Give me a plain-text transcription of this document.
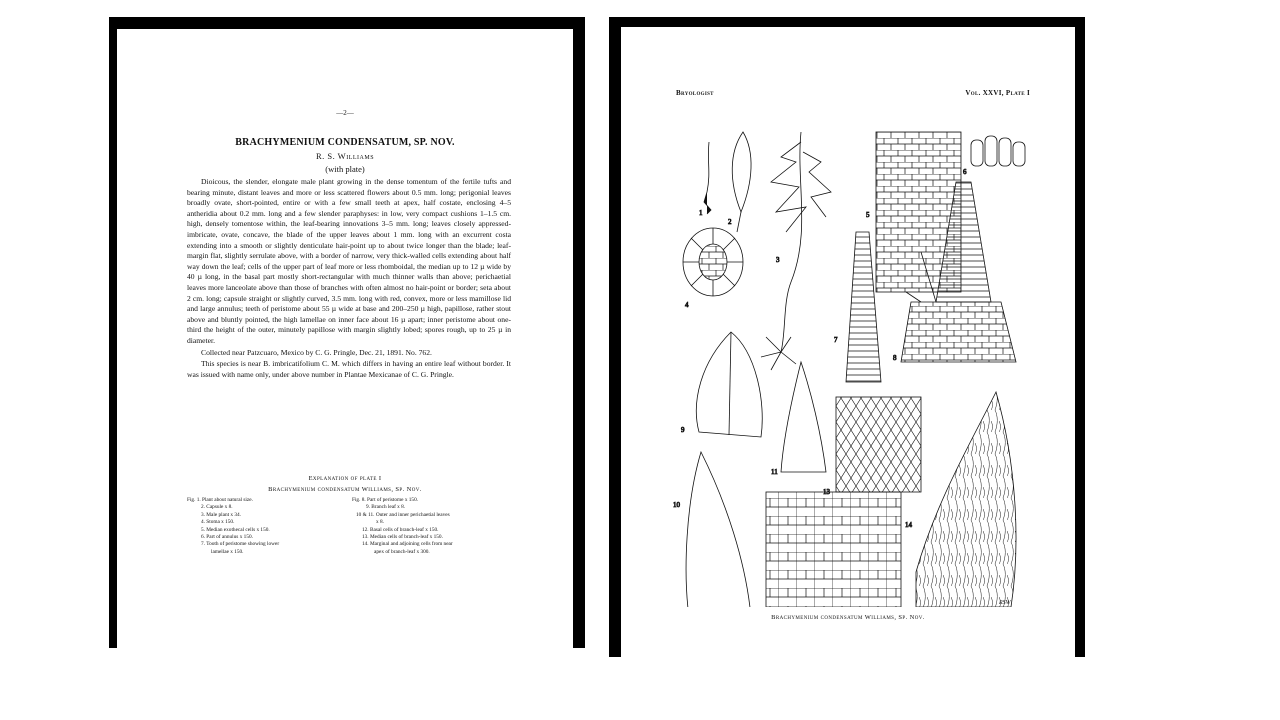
—2—
BRACHYMENIUM CONDENSATUM, SP. NOV.
R. S. Williams
(with plate)

Dioicous, the slender, elongate male plant growing in the dense tomentum of the fertile tufts and bearing minute, distant leaves and more or less scattered flowers about 0.5 mm. long; perigonial leaves broadly ovate, short-pointed, entire or with a few small teeth at apex, half costate, enclosing 4–5 antheridia about 0.2 mm. long and a few slender paraphyses: in low, very compact cushions 1–1.5 cm. high, densely tomentose within, the leaf-bearing innovations 3–5 mm. long; leaves closely appressed-imbricate, ovate, concave, the blade of the upper leaves about 1 mm. long with an excurrent costa extending into a smooth or slightly denticulate hair-point up to about twice longer than the blade; leaf-margin flat, slightly serrulate above, with a border of narrow, very thick-walled cells extending about half way down the leaf; cells of the upper part of leaf more or less rhomboidal, the median up to 12 µ wide by 40 µ long, in the basal part mostly short-rectangular with much thinner walls than above; perichaetial leaves more lanceolate above than those of branches with often almost no hair-point or border; seta about 2 cm. long; capsule straight or slightly curved, 3.5 mm. long with red, convex, more or less mamillose lid and large annulus; teeth of peristome about 55 µ wide at base and 200–250 µ high, papillose, rather stout above and bluntly pointed, the high lamellae on inner face about 16 µ apart; inner peristome about one-third the height of the outer, minutely papillose with margin slightly lobed; spores rough, up to 25 µ in diameter.

Collected near Patzcuaro, Mexico by C. G. Pringle, Dec. 21, 1891. No. 762.

This species is near B. imbricatifolium C. M. which differs in having an entire leaf without border. It was issued with name only, under above number in Plantae Mexicanae of C. G. Pringle.

Explanation of plate I
Brachymenium condensatum Williams, Sp. Nov.
Fig. 1. Plant about natural size.
2. Capsule x 8.
3. Male plant x 34.
4. Stoma x 150.
5. Median exothecal cells x 150.
6. Part of annulus x 150.
7. Tooth of peristome showing lower
lamellae x 150.
Fig. 8. Part of peristome x 150.
9. Branch leaf x 8.
10 & 11. Outer and inner perichaetial leaves
x 8.
12. Basal cells of branch-leaf x 150.
13. Median cells of branch-leaf x 150.
14. Marginal and adjoining cells from near
apex of branch-leaf x 300.
Bryologist	Vol. XXVI, Plate I
1
2
3
4
5
6
7
8
9
10
11
13
14
RSW
Brachymenium condensatum Williams, Sp. Nov.
